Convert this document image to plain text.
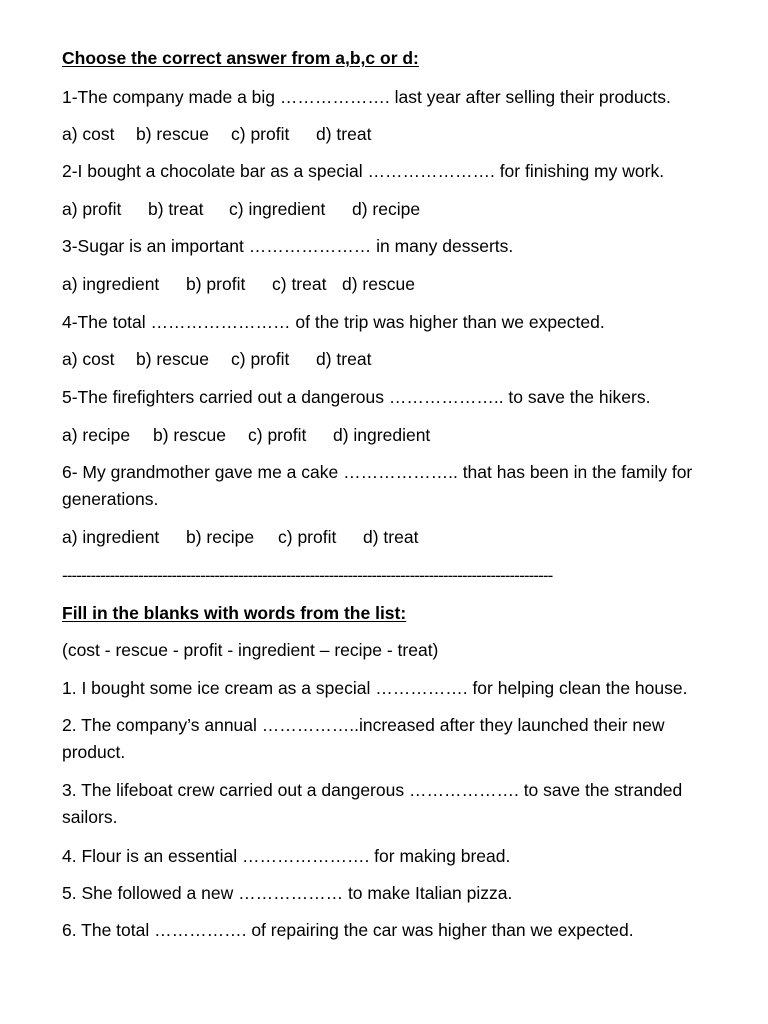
Choose the correct answer from a,b,c or d:
1-The company made a big ………………. last year after selling their products.
a) cost b) rescue c) profit d) treat
2-I bought a chocolate bar as a special …………………. for finishing my work.
a) profit b) treat c) ingredient d) recipe
3-Sugar is an important ………………… in many desserts.
a) ingredient b) profit c) treat d) rescue
4-The total …………………… of the trip was higher than we expected.
a) cost b) rescue c) profit d) treat
5-The firefighters carried out a dangerous ……………….. to save the hikers.
a) recipe b) rescue c) profit d) ingredient
6- My grandmother gave me a cake ……………….. that has been in the family for generations.
a) ingredient b) recipe c) profit d) treat
-------------------------------------------------------------------------------------------------------
Fill in the blanks with words from the list:
(cost - rescue - profit - ingredient – recipe - treat)
1. I bought some ice cream as a special ……………. for helping clean the house.
2. The company’s annual ……………..increased after they launched their new product.
3. The lifeboat crew carried out a dangerous ………………. to save the stranded sailors.
4. Flour is an essential …………………. for making bread.
5. She followed a new ……………… to make Italian pizza.
6. The total ……………. of repairing the car was higher than we expected.
